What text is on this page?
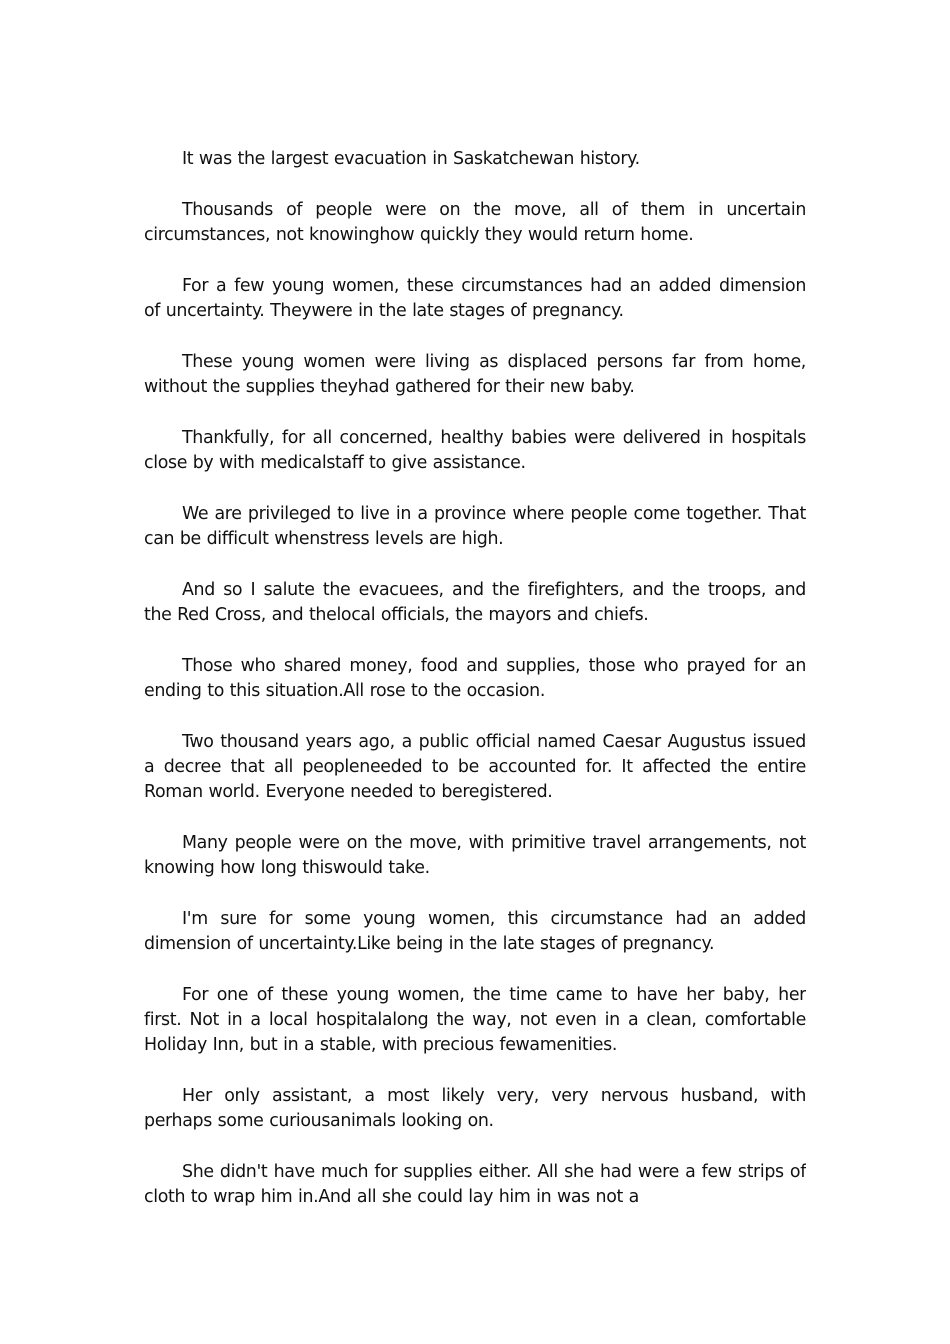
It was the largest evacuation in Saskatchewan history.

Thousands of people were on the move, all of them in uncertain circumstances, not knowinghow quickly they would return home.

For a few young women, these circumstances had an added dimension of uncertainty. Theywere in the late stages of pregnancy.

These young women were living as displaced persons far from home, without the supplies theyhad gathered for their new baby.

Thankfully, for all concerned, healthy babies were delivered in hospitals close by with medicalstaff to give assistance.

We are privileged to live in a province where people come together. That can be difficult whenstress levels are high.

And so I salute the evacuees, and the firefighters, and the troops, and the Red Cross, and thelocal officials, the mayors and chiefs.

Those who shared money, food and supplies, those who prayed for an ending to this situation.All rose to the occasion.

Two thousand years ago, a public official named Caesar Augustus issued a decree that all peopleneeded to be accounted for. It affected the entire Roman world. Everyone needed to beregistered.

Many people were on the move, with primitive travel arrangements, not knowing how long thiswould take.

I'm sure for some young women, this circumstance had an added dimension of uncertainty.Like being in the late stages of pregnancy.

For one of these young women, the time came to have her baby, her first. Not in a local hospitalalong the way, not even in a clean, comfortable Holiday Inn, but in a stable, with precious fewamenities.

Her only assistant, a most likely very, very nervous husband, with perhaps some curiousanimals looking on.

She didn't have much for supplies either. All she had were a few strips of cloth to wrap him in.And all she could lay him in was not a
